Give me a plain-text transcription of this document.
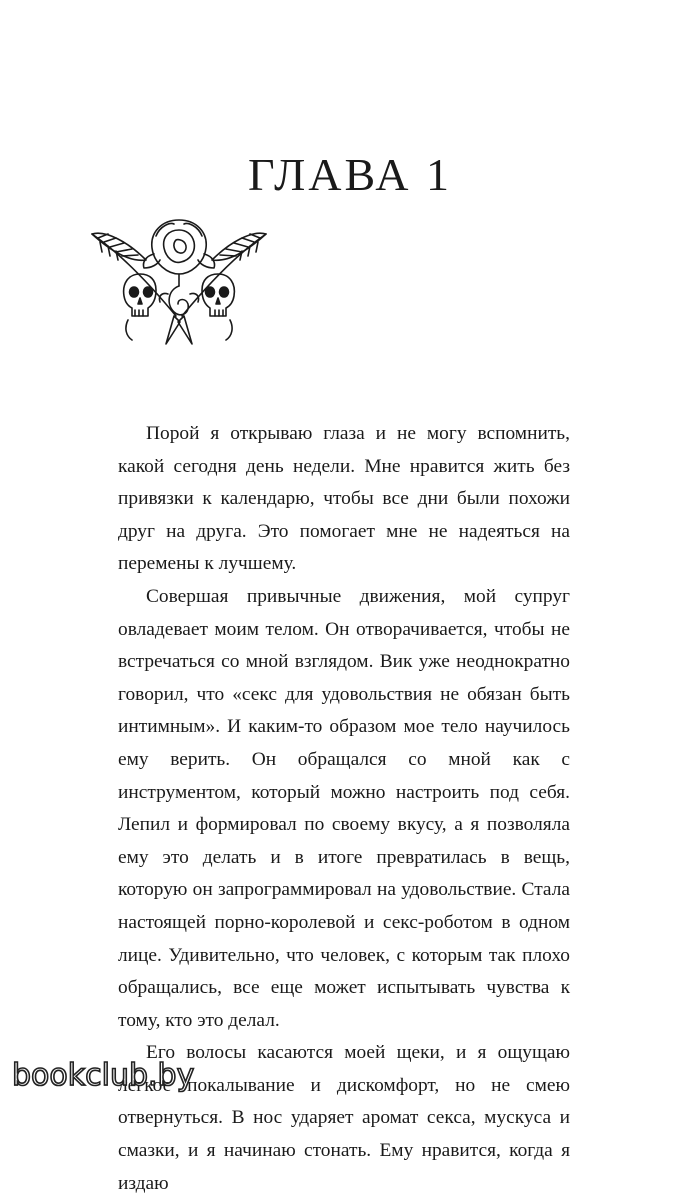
ГЛАВА 1

Порой я открываю глаза и не могу вспомнить, какой сегодня день недели. Мне нравится жить без привязки к календарю, чтобы все дни были похожи друг на друга. Это помогает мне не надеяться на перемены к лучшему.

Совершая привычные движения, мой супруг овладевает моим телом. Он отворачивается, чтобы не встречаться со мной взглядом. Вик уже неоднократно говорил, что «секс для удовольствия не обязан быть интимным». И каким-то образом мое тело научилось ему верить. Он обращался со мной как с инструментом, который можно настроить под себя. Лепил и формировал по своему вкусу, а я позволяла ему это делать и в итоге превратилась в вещь, которую он запрограммировал на удовольствие. Стала настоящей порно-королевой и секс-роботом в одном лице. Удивительно, что человек, с которым так плохо обращались, все еще может испытывать чувства к тому, кто это делал.

Его волосы касаются моей щеки, и я ощущаю легкое покалывание и дискомфорт, но не смею отвернуться. В нос ударяет аромат секса, мускуса и смазки, и я начинаю стонать. Ему нравится, когда я издаю

bookclub.by
